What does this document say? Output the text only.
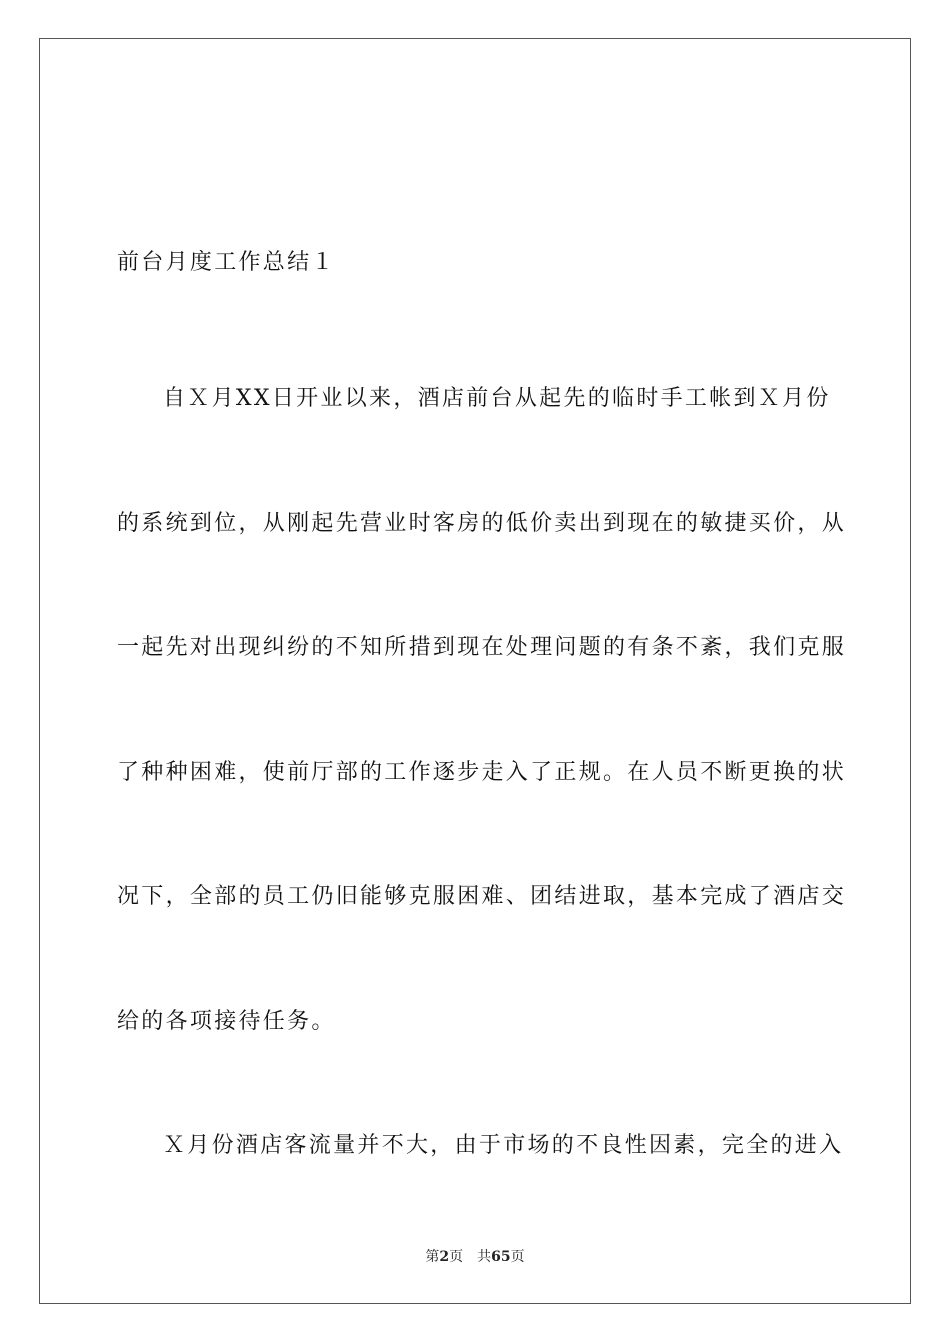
前台月度工作总结１
自Ｘ月XX日开业以来，酒店前台从起先的临时手工帐到Ｘ月份
的系统到位，从刚起先营业时客房的低价卖出到现在的敏捷买价，从
一起先对出现纠纷的不知所措到现在处理问题的有条不紊，我们克服
了种种困难，使前厅部的工作逐步走入了正规。在人员不断更换的状
况下，全部的员工仍旧能够克服困难、团结进取，基本完成了酒店交
给的各项接待任务。
Ｘ月份酒店客流量并不大，由于市场的不良性因素，完全的进入
第2页 共65页
